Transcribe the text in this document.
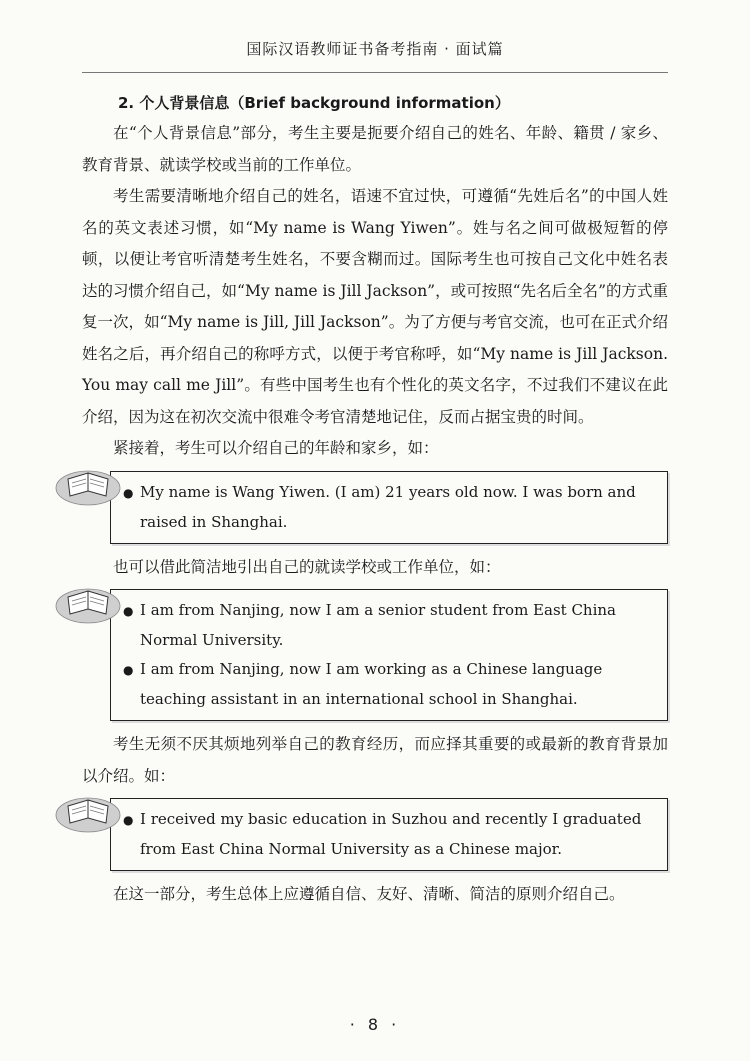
国际汉语教师证书备考指南 · 面试篇

2. 个人背景信息（Brief background information）

在“个人背景信息”部分，考生主要是扼要介绍自己的姓名、年龄、籍贯 / 家乡、教育背景、就读学校或当前的工作单位。

考生需要清晰地介绍自己的姓名，语速不宜过快，可遵循“先姓后名”的中国人姓名的英文表述习惯，如“My name is Wang Yiwen”。姓与名之间可做极短暂的停顿，以便让考官听清楚考生姓名，不要含糊而过。国际考生也可按自己文化中姓名表达的习惯介绍自己，如“My name is Jill Jackson”，或可按照“先名后全名”的方式重复一次，如“My name is Jill, Jill Jackson”。为了方便与考官交流，也可在正式介绍姓名之后，再介绍自己的称呼方式，以便于考官称呼，如“My name is Jill Jackson. You may call me Jill”。有些中国考生也有个性化的英文名字，不过我们不建议在此介绍，因为这在初次交流中很难令考官清楚地记住，反而占据宝贵的时间。

紧接着，考生可以介绍自己的年龄和家乡，如：

● My name is Wang Yiwen. (I am) 21 years old now. I was born and raised in Shanghai.

也可以借此简洁地引出自己的就读学校或工作单位，如：

● I am from Nanjing, now I am a senior student from East China Normal University.

● I am from Nanjing, now I am working as a Chinese language teaching assistant in an international school in Shanghai.

考生无须不厌其烦地列举自己的教育经历，而应择其重要的或最新的教育背景加以介绍。如：

● I received my basic education in Suzhou and recently I graduated from East China Normal University as a Chinese major.

在这一部分，考生总体上应遵循自信、友好、清晰、简洁的原则介绍自己。

· 8 ·
